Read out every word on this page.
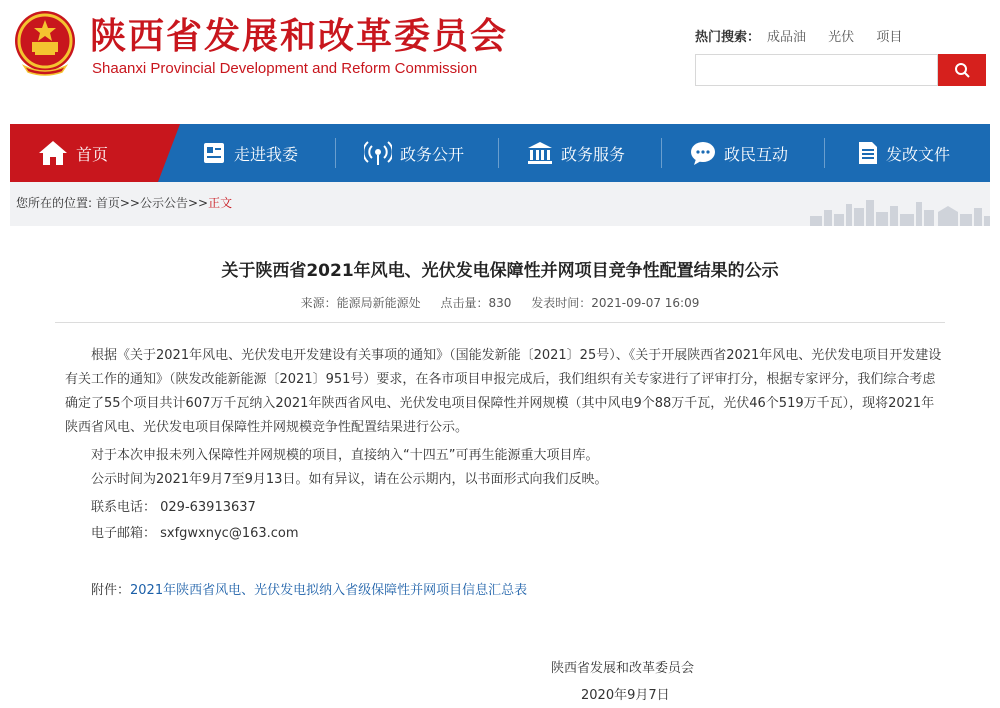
陕西省发展和改革委员会
Shaanxi Provincial Development and Reform Commission
热门搜索： 成品油 光伏 项目
首页	走进我委	政务公开	政务服务	政民互动	发改文件
您所在的位置: 首页>>公示公告>>正文
关于陕西省2021年风电、光伏发电保障性并网项目竞争性配置结果的公示
来源：能源局新能源处 点击量：830 发表时间：2021-09-07 16:09
根据《关于2021年风电、光伏发电开发建设有关事项的通知》（国能发新能〔2021〕25号）、《关于开展陕西省2021年风电、光伏发电项目开发建设有关工作的通知》（陕发改能新能源〔2021〕951号）要求，在各市项目申报完成后，我们组织有关专家进行了评审打分，根据专家评分，我们综合考虑确定了55个项目共计607万千瓦纳入2021年陕西省风电、光伏发电项目保障性并网规模（其中风电9个88万千瓦，光伏46个519万千瓦），现将2021年陕西省风电、光伏发电项目保障性并网规模竞争性配置结果进行公示。
对于本次申报未列入保障性并网规模的项目，直接纳入“十四五”可再生能源重大项目库。
公示时间为2021年9月7至9月13日。如有异议，请在公示期内，以书面形式向我们反映。
联系电话： 029-63913637
电子邮箱： sxfgwxnyc@163.com
附件：2021年陕西省风电、光伏发电拟纳入省级保障性并网项目信息汇总表
陕西省发展和改革委员会
2020年9月7日
